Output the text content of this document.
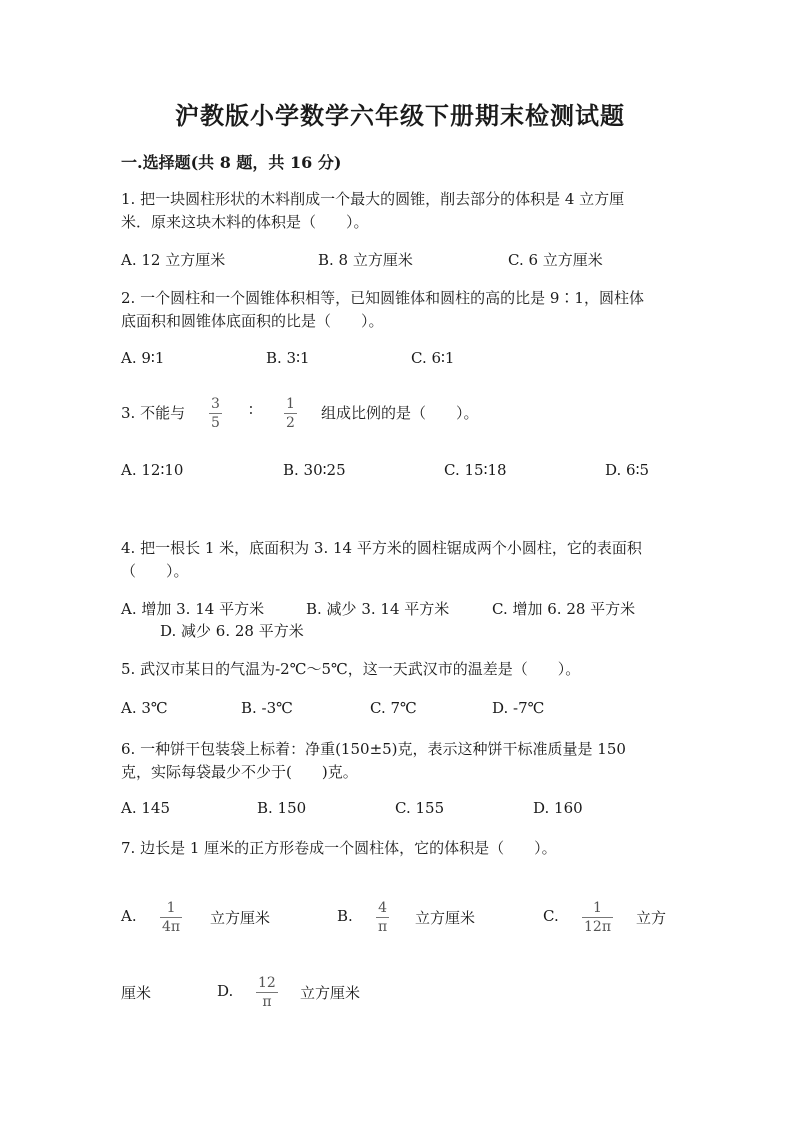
沪教版小学数学六年级下册期末检测试题
一.选择题(共 8 题，共 16 分)
1. 把一块圆柱形状的木料削成一个最大的圆锥，削去部分的体积是 4 立方厘
米．原来这块木料的体积是（　　）。
A. 12 立方厘米	B. 8 立方厘米	C. 6 立方厘米
2. 一个圆柱和一个圆锥体积相等，已知圆锥体和圆柱的高的比是 9∶1，圆柱体
底面积和圆锥体底面积的比是（　　）。
A. 9∶1	B. 3∶1	C. 6∶1
3. 不能与 3
5
∶ 1
2
组成比例的是（　　）。
A. 12∶10	B. 30∶25	C. 15∶18	D. 6∶5
4. 把一根长 1 米，底面积为 3. 14 平方米的圆柱锯成两个小圆柱，它的表面积
（　　）。
A. 增加 3. 14 平方米	B. 减少 3. 14 平方米	C. 增加 6. 28 平方米
D. 减少 6. 28 平方米
5. 武汉市某日的气温为-2℃～5℃，这一天武汉市的温差是（　　）。
A. 3℃	B. -3℃	C. 7℃	D. -7℃
6. 一种饼干包装袋上标着：净重(150±5)克，表示这种饼干标准质量是 150
克，实际每袋最少不少于(　　)克。
A. 145	B. 150	C. 155	D. 160
7. 边长是 1 厘米的正方形卷成一个圆柱体，它的体积是（　　）。
A. 1
4π 立方厘米	B. 4
π 立方厘米	C. 1
12π 立方
厘米	D. 12
π 立方厘米
